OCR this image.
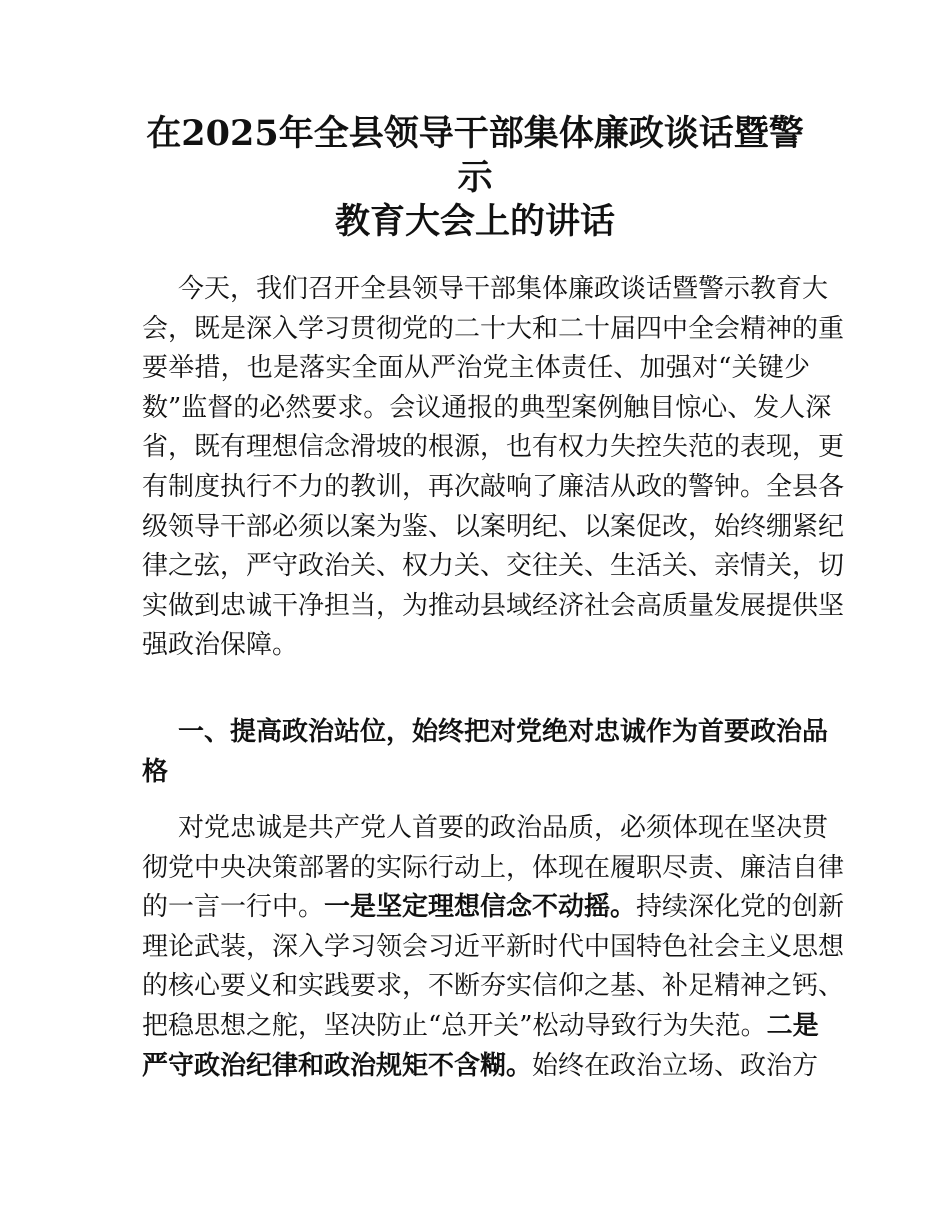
在2025年全县领导干部集体廉政谈话暨警示
教育大会上的讲话
今天，我们召开全县领导干部集体廉政谈话暨警示教育大
会，既是深入学习贯彻党的二十大和二十届四中全会精神的重
要举措，也是落实全面从严治党主体责任、加强对“关键少
数”监督的必然要求。会议通报的典型案例触目惊心、发人深
省，既有理想信念滑坡的根源，也有权力失控失范的表现，更
有制度执行不力的教训，再次敲响了廉洁从政的警钟。全县各
级领导干部必须以案为鉴、以案明纪、以案促改，始终绷紧纪
律之弦，严守政治关、权力关、交往关、生活关、亲情关，切
实做到忠诚干净担当，为推动县域经济社会高质量发展提供坚
强政治保障。
一、提高政治站位，始终把对党绝对忠诚作为首要政治品
格
对党忠诚是共产党人首要的政治品质，必须体现在坚决贯
彻党中央决策部署的实际行动上，体现在履职尽责、廉洁自律
的一言一行中。一是坚定理想信念不动摇。持续深化党的创新
理论武装，深入学习领会习近平新时代中国特色社会主义思想
的核心要义和实践要求，不断夯实信仰之基、补足精神之钙、
把稳思想之舵，坚决防止“总开关”松动导致行为失范。二是
严守政治纪律和政治规矩不含糊。始终在政治立场、政治方
